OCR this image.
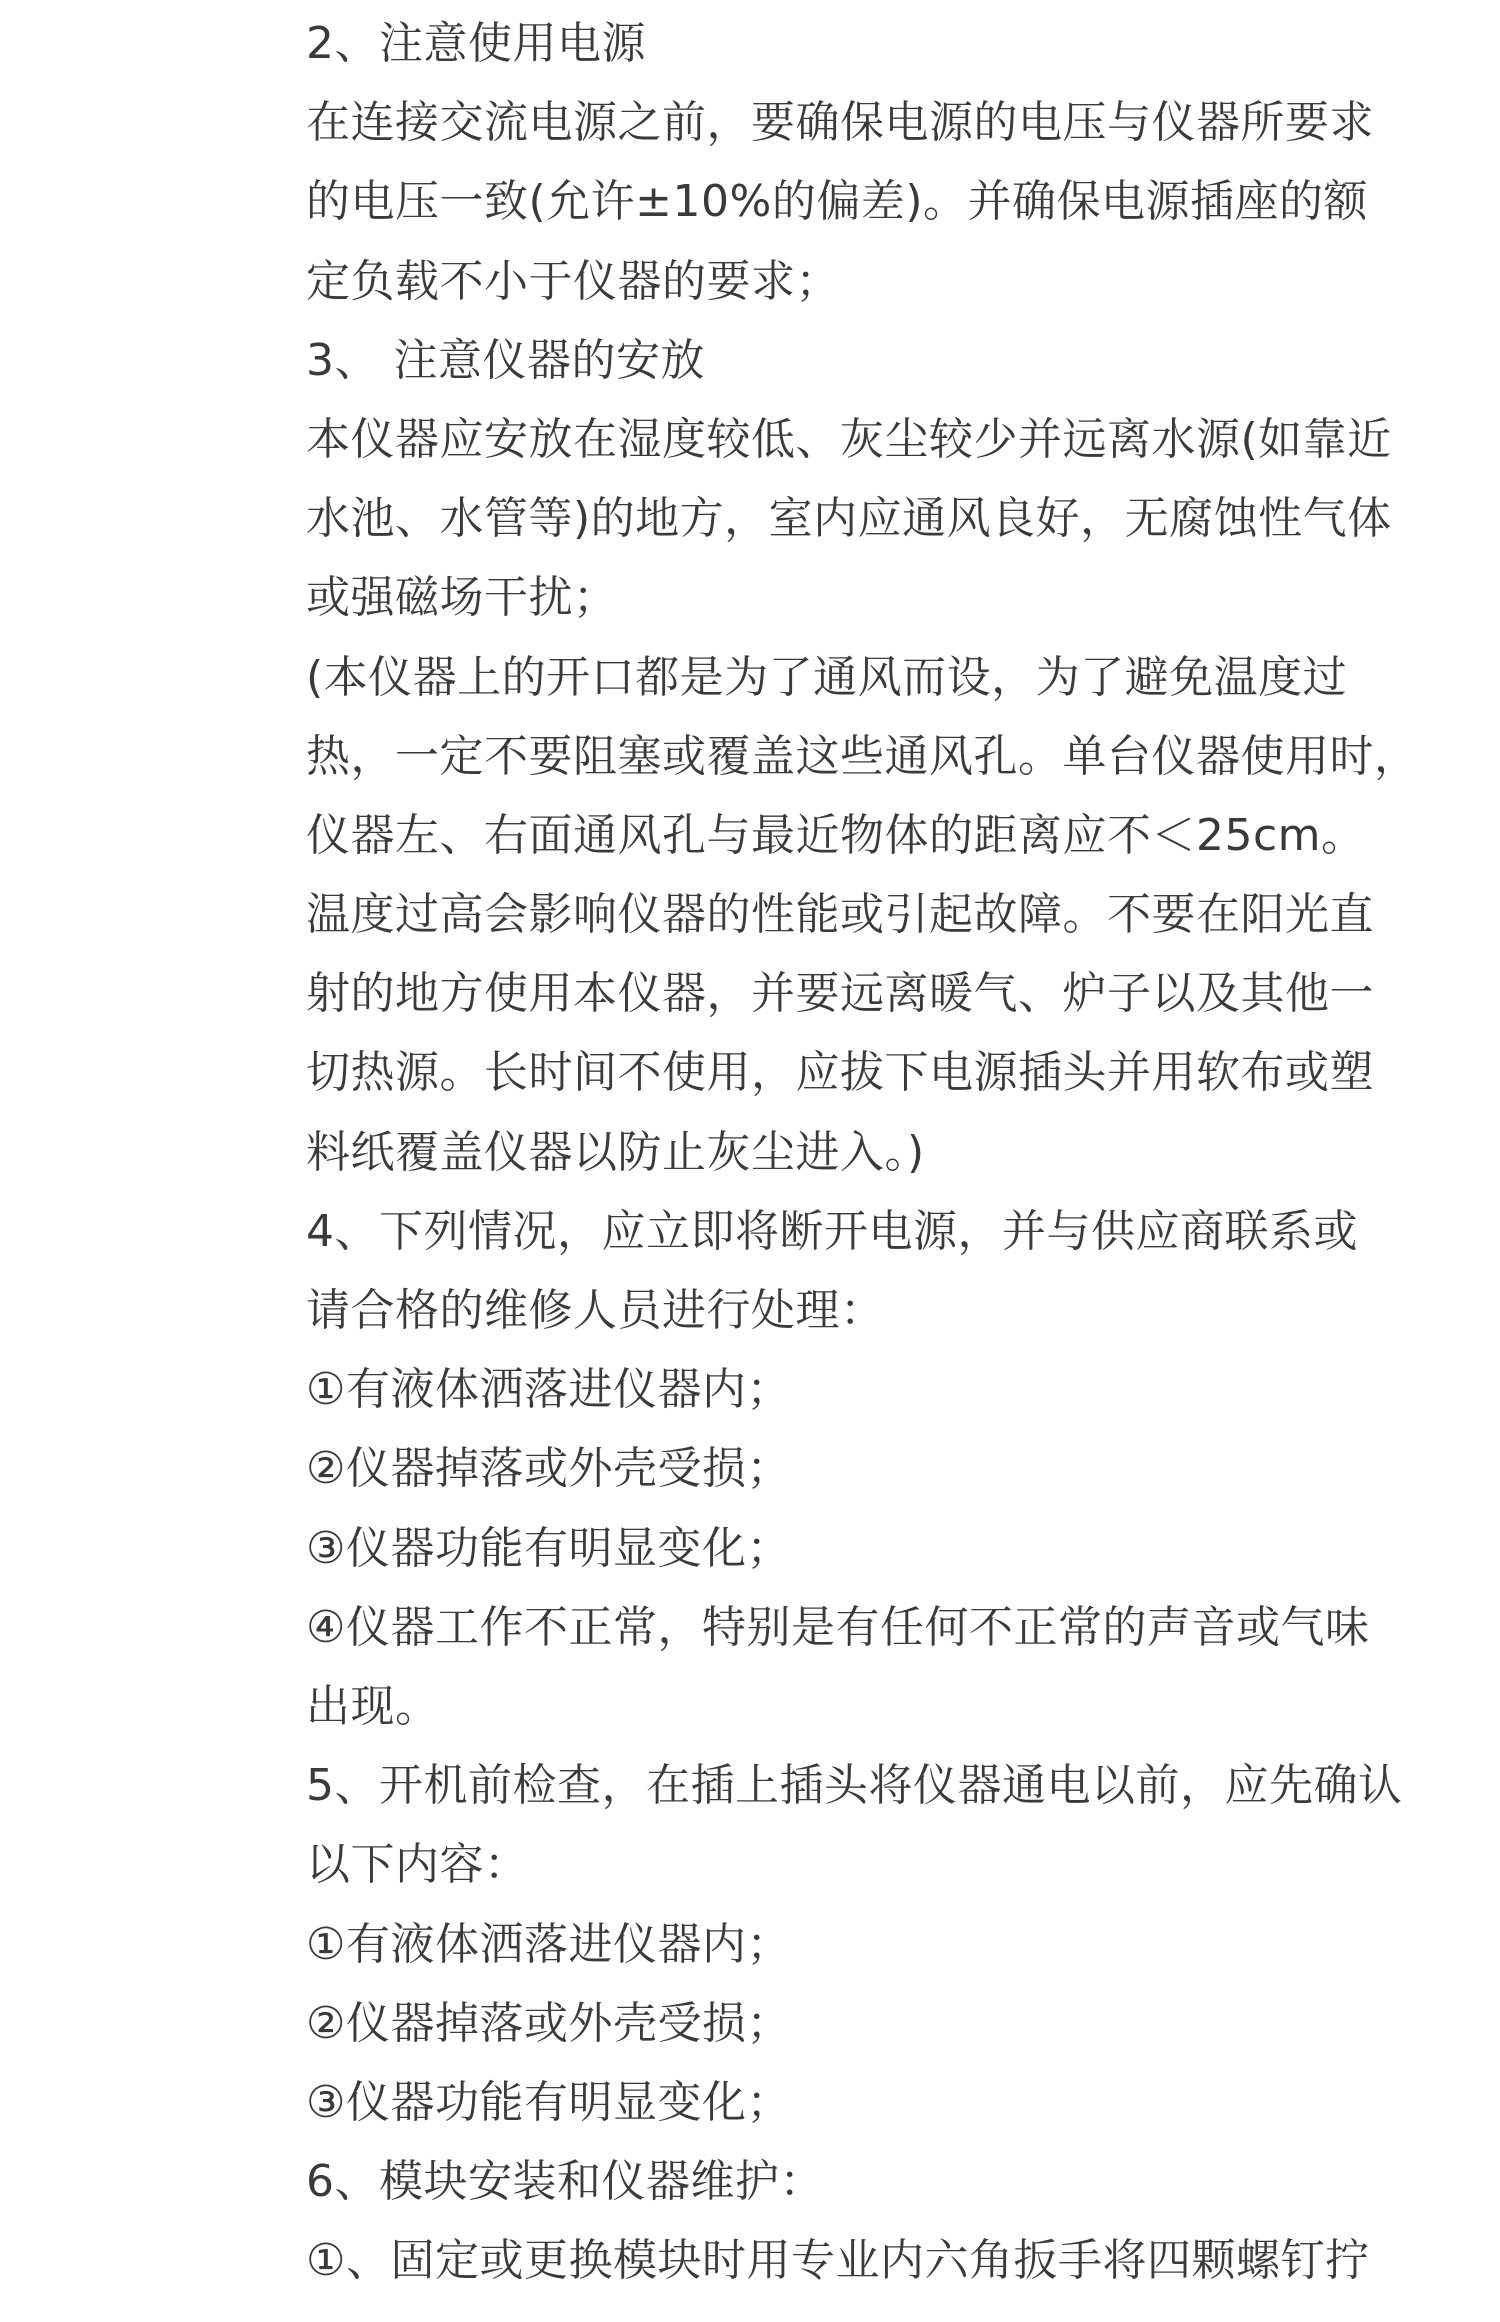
2、注意使用电源
在连接交流电源之前，要确保电源的电压与仪器所要求
的电压一致(允许±10%的偏差)。并确保电源插座的额
定负载不小于仪器的要求；
3、 注意仪器的安放
本仪器应安放在湿度较低、灰尘较少并远离水源(如靠近
水池、水管等)的地方，室内应通风良好，无腐蚀性气体
或强磁场干扰；
(本仪器上的开口都是为了通风而设，为了避免温度过
热，一定不要阻塞或覆盖这些通风孔。单台仪器使用时，
仪器左、右面通风孔与最近物体的距离应不＜25cm。
温度过高会影响仪器的性能或引起故障。不要在阳光直
射的地方使用本仪器，并要远离暖气、炉子以及其他一
切热源。长时间不使用，应拔下电源插头并用软布或塑
料纸覆盖仪器以防止灰尘进入。)
4、下列情况，应立即将断开电源，并与供应商联系或
请合格的维修人员进行处理：
①有液体洒落进仪器内；
②仪器掉落或外壳受损；
③仪器功能有明显变化；
④仪器工作不正常，特别是有任何不正常的声音或气味
出现。
5、开机前检查，在插上插头将仪器通电以前，应先确认
以下内容：
①有液体洒落进仪器内；
②仪器掉落或外壳受损；
③仪器功能有明显变化；
6、模块安装和仪器维护：
①、固定或更换模块时用专业内六角扳手将四颗螺钉拧
